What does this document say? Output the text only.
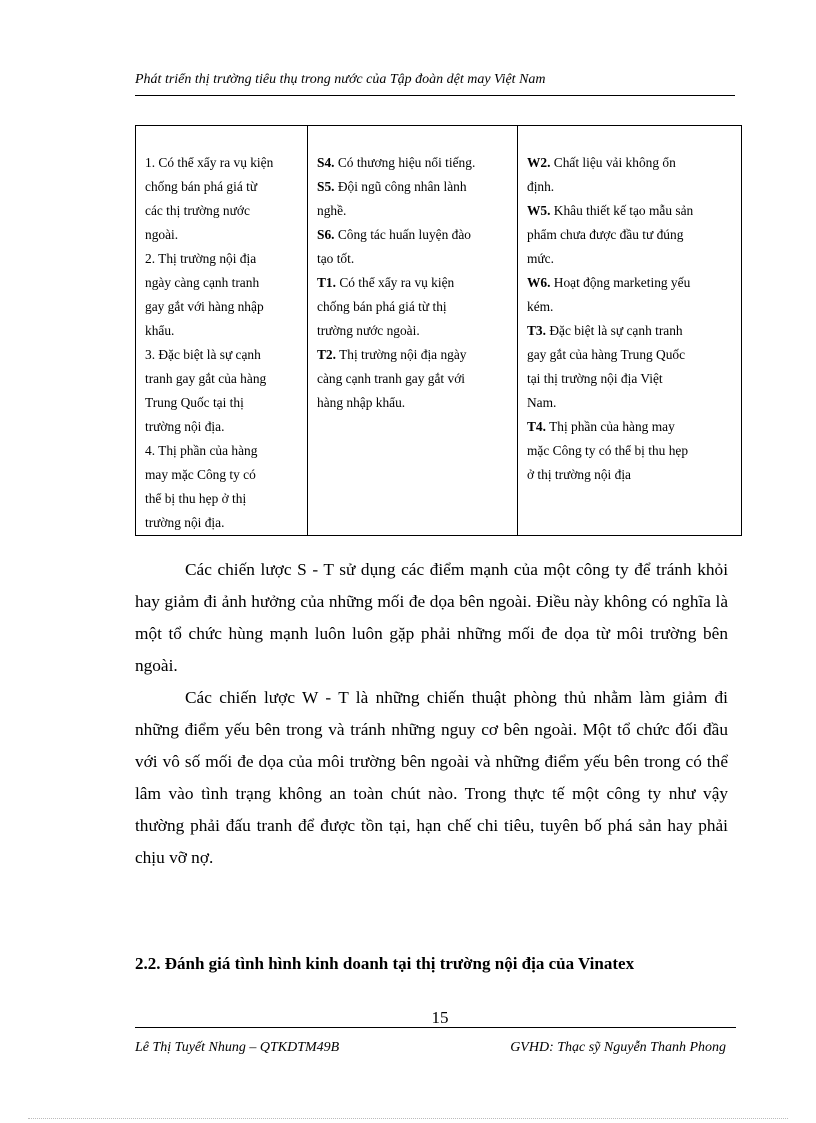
Phát triển thị trường tiêu thụ trong nước của Tập đoàn dệt may Việt Nam
1. Có thể xẩy ra vụ kiện
chống bán phá giá từ
các thị trường nước
ngoài.
2. Thị trường nội địa
ngày càng cạnh tranh
gay gắt với hàng nhập
khẩu.
3. Đặc biệt là sự cạnh
tranh gay gắt của hàng
Trung Quốc tại thị
trường nội địa.
4. Thị phần của hàng
may mặc Công ty có
thể bị thu hẹp ở thị
trường nội địa.

S4. Có thương hiệu nổi tiếng.
S5. Đội ngũ công nhân lành
nghề.
S6. Công tác huấn luyện đào
tạo tốt.
T1. Có thể xẩy ra vụ kiện
chống bán phá giá từ thị
trường nước ngoài.
T2. Thị trường nội địa ngày
càng cạnh tranh gay gắt với
hàng nhập khẩu.

W2. Chất liệu vải không ổn
định.
W5. Khâu thiết kế tạo mẫu sản
phẩm chưa được đầu tư đúng
mức.
W6. Hoạt động marketing yếu
kém.
T3. Đặc biệt là sự cạnh tranh
gay gắt của hàng Trung Quốc
tại thị trường nội địa Việt
Nam.
T4. Thị phần của hàng may
mặc Công ty có thể bị thu hẹp
ở thị trường nội địa

Các chiến lược S - T sử dụng các điểm mạnh của một công ty để tránh khỏi hay giảm đi ảnh hưởng của những mối đe dọa bên ngoài. Điều này không có nghĩa là một tổ chức hùng mạnh luôn luôn gặp phải những mối đe dọa từ môi trường bên ngoài.

Các chiến lược W - T là những chiến thuật phòng thủ nhằm làm giảm đi những điểm yếu bên trong và tránh những nguy cơ bên ngoài. Một tổ chức đối đầu với vô số mối đe dọa của môi trường bên ngoài và những điểm yếu bên trong có thể lâm vào tình trạng không an toàn chút nào. Trong thực tế một công ty như vậy thường phải đấu tranh để được tồn tại, hạn chế chi tiêu, tuyên bố phá sản hay phải chịu vỡ nợ.

2.2. Đánh giá tình hình kinh doanh tại thị trường nội địa của Vinatex
15
Lê Thị Tuyết Nhung – QTKDTM49B	GVHD: Thạc sỹ Nguyễn Thanh Phong
